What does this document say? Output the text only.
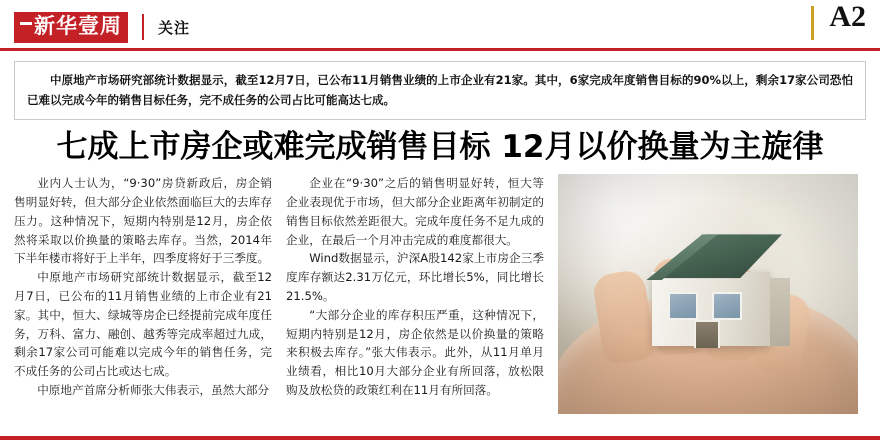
新华壹周	关注	A2
中原地产市场研究部统计数据显示，截至12月7日，已公布11月销售业绩的上市企业有21家。其中，6家完成年度销售目标的90%以上，剩余17家公司恐怕已难以完成今年的销售目标任务，完不成任务的公司占比可能高达七成。
七成上市房企或难完成销售目标 12月以价换量为主旋律

业内人士认为，“9·30”房贷新政后，房企销售明显好转，但大部分企业依然面临巨大的去库存压力。这种情况下，短期内特别是12月，房企依然将采取以价换量的策略去库存。当然，2014年下半年楼市将好于上半年，四季度将好于三季度。

中原地产市场研究部统计数据显示，截至12月7日，已公布的11月销售业绩的上市企业有21家。其中，恒大、绿城等房企已经提前完成年度任务，万科、富力、融创、越秀等完成率超过九成，剩余17家公司可能难以完成今年的销售任务，完不成任务的公司占比或达七成。

中原地产首席分析师张大伟表示，虽然大部分

企业在“9·30”之后的销售明显好转，恒大等企业表现优于市场，但大部分企业距离年初制定的销售目标依然差距很大。完成年度任务不足九成的企业，在最后一个月冲击完成的难度都很大。

Wind数据显示，沪深A股142家上市房企三季度库存额达2.31万亿元，环比增长5%，同比增长21.5%。

“大部分企业的库存积压严重，这种情况下，短期内特别是12月，房企依然是以价换量的策略来积极去库存。”张大伟表示。此外，从11月单月业绩看，相比10月大部分企业有所回落，放松限购及放松贷的政策红利在11月有所回落。
